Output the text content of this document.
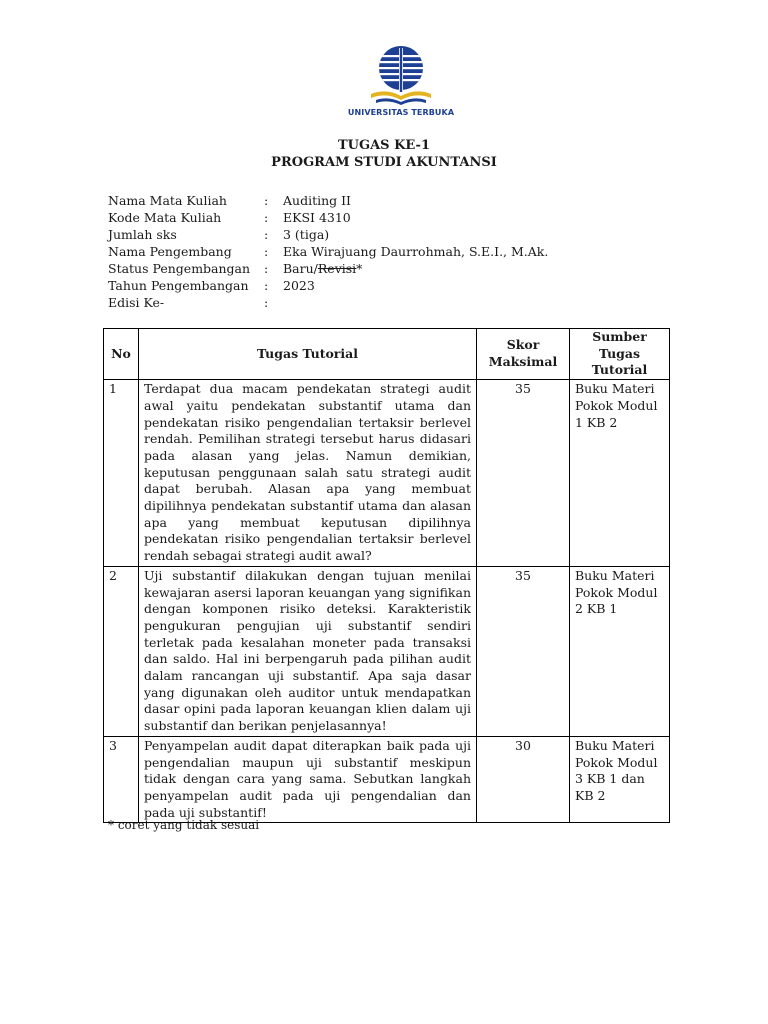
UNIVERSITAS TERBUKA
TUGAS KE-1
PROGRAM STUDI AKUNTANSI
Nama Mata Kuliah	:	Auditing II
Kode Mata Kuliah	:	EKSI 4310
Jumlah sks	:	3 (tiga)
Nama Pengembang	:	Eka Wirajuang Daurrohmah, S.E.I., M.Ak.
Status Pengembangan	:	Baru/Revisi*
Tahun Pengembangan	:	2023
Edisi Ke-	:
No	Tugas Tutorial	Skor Maksimal	Sumber Tugas Tutorial
1	Terdapat dua macam pendekatan strategi audit awal yaitu pendekatan substantif utama dan pendekatan risiko pengendalian tertaksir berlevel rendah. Pemilihan strategi tersebut harus didasari pada alasan yang jelas. Namun demikian, keputusan penggunaan salah satu strategi audit dapat berubah. Alasan apa yang membuat dipilihnya pendekatan substantif utama dan alasan apa yang membuat keputusan dipilihnya pendekatan risiko pengendalian tertaksir berlevel rendah sebagai strategi audit awal?	35	Buku Materi Pokok Modul 1 KB 2
2	Uji substantif dilakukan dengan tujuan menilai kewajaran asersi laporan keuangan yang signifikan dengan komponen risiko deteksi. Karakteristik pengukuran pengujian uji substantif sendiri terletak pada kesalahan moneter pada transaksi dan saldo. Hal ini berpengaruh pada pilihan audit dalam rancangan uji substantif. Apa saja dasar yang digunakan oleh auditor untuk mendapatkan dasar opini pada laporan keuangan klien dalam uji substantif dan berikan penjelasannya!	35	Buku Materi Pokok Modul 2 KB 1
3	Penyampelan audit dapat diterapkan baik pada uji pengendalian maupun uji substantif meskipun tidak dengan cara yang sama. Sebutkan langkah penyampelan audit pada uji pengendalian dan pada uji substantif!	30	Buku Materi Pokok Modul 3 KB 1 dan KB 2
* coret yang tidak sesuai
